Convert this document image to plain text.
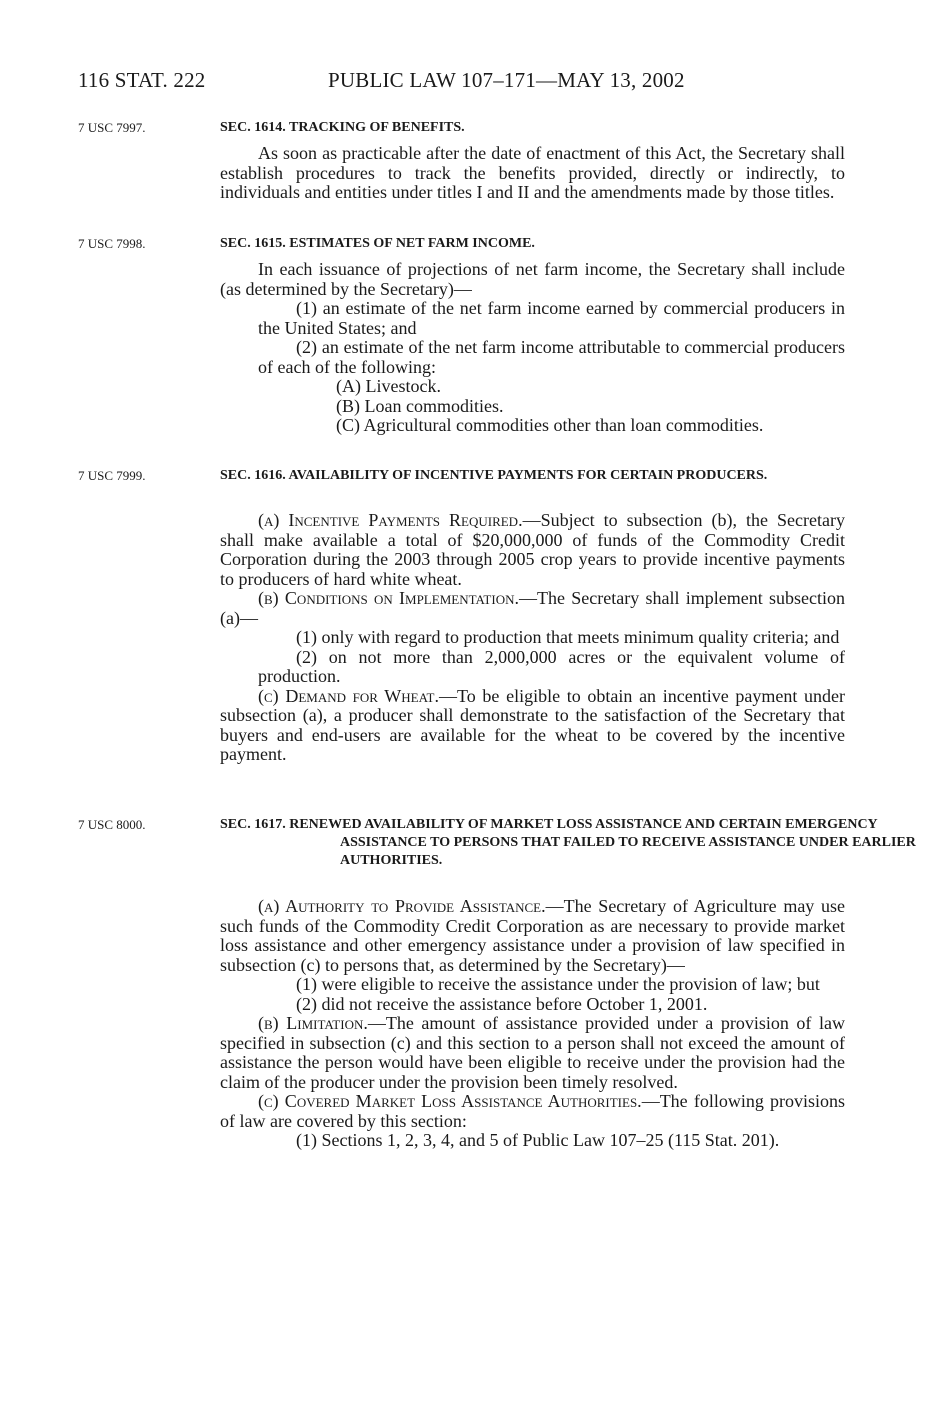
116 STAT. 222	PUBLIC LAW 107–171—MAY 13, 2002
7 USC 7997.	SEC. 1614. TRACKING OF BENEFITS.

As soon as practicable after the date of enactment of this Act, the Secretary shall establish procedures to track the benefits provided, directly or indirectly, to individuals and entities under titles I and II and the amendments made by those titles.

7 USC 7998.	SEC. 1615. ESTIMATES OF NET FARM INCOME.

In each issuance of projections of net farm income, the Secretary shall include (as determined by the Secretary)—

(1) an estimate of the net farm income earned by commercial producers in the United States; and

(2) an estimate of the net farm income attributable to commercial producers of each of the following:

(A) Livestock.

(B) Loan commodities.

(C) Agricultural commodities other than loan commodities.

7 USC 7999.	SEC. 1616. AVAILABILITY OF INCENTIVE PAYMENTS FOR CERTAIN PRODUCERS.

(a) Incentive Payments Required.—Subject to subsection (b), the Secretary shall make available a total of $20,000,000 of funds of the Commodity Credit Corporation during the 2003 through 2005 crop years to provide incentive payments to producers of hard white wheat.

(b) Conditions on Implementation.—The Secretary shall implement subsection (a)—

(1) only with regard to production that meets minimum quality criteria; and

(2) on not more than 2,000,000 acres or the equivalent volume of production.

(c) Demand for Wheat.—To be eligible to obtain an incentive payment under subsection (a), a producer shall demonstrate to the satisfaction of the Secretary that buyers and end-users are available for the wheat to be covered by the incentive payment.

7 USC 8000.	SEC. 1617. RENEWED AVAILABILITY OF MARKET LOSS ASSISTANCE AND CERTAIN EMERGENCY ASSISTANCE TO PERSONS THAT FAILED TO RECEIVE ASSISTANCE UNDER EARLIER AUTHORITIES.

(a) Authority to Provide Assistance.—The Secretary of Agriculture may use such funds of the Commodity Credit Corporation as are necessary to provide market loss assistance and other emergency assistance under a provision of law specified in subsection (c) to persons that, as determined by the Secretary)—

(1) were eligible to receive the assistance under the provision of law; but

(2) did not receive the assistance before October 1, 2001.

(b) Limitation.—The amount of assistance provided under a provision of law specified in subsection (c) and this section to a person shall not exceed the amount of assistance the person would have been eligible to receive under the provision had the claim of the producer under the provision been timely resolved.

(c) Covered Market Loss Assistance Authorities.—The following provisions of law are covered by this section:

(1) Sections 1, 2, 3, 4, and 5 of Public Law 107–25 (115 Stat. 201).
